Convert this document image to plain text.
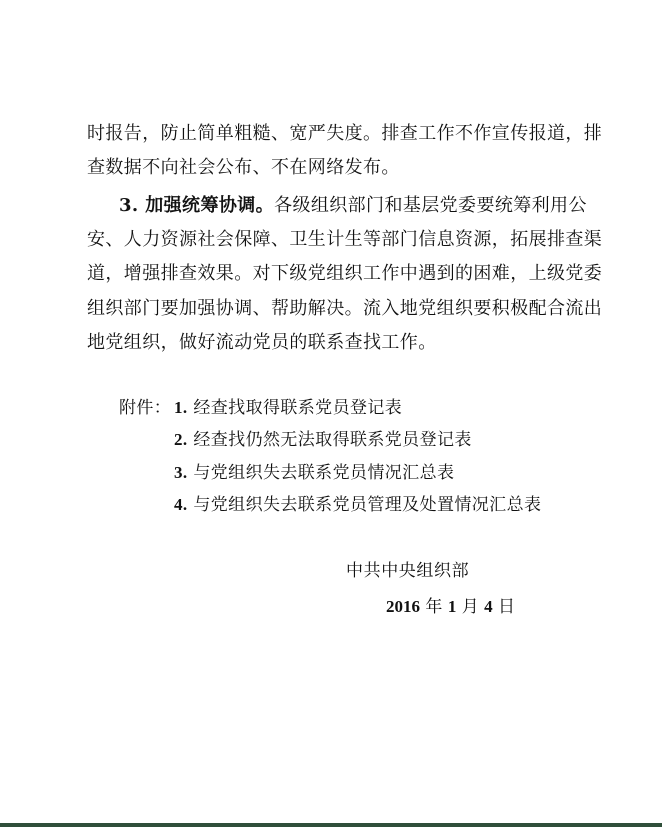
时报告，防止简单粗糙、宽严失度。排查工作不作宣传报道，排
查数据不向社会公布、不在网络发布。
3. 加强统筹协调。各级组织部门和基层党委要统筹利用公
安、人力资源社会保障、卫生计生等部门信息资源，拓展排查渠
道，增强排查效果。对下级党组织工作中遇到的困难，上级党委
组织部门要加强协调、帮助解决。流入地党组织要积极配合流出
地党组织，做好流动党员的联系查找工作。
附件： 1. 经查找取得联系党员登记表
2. 经查找仍然无法取得联系党员登记表
3. 与党组织失去联系党员情况汇总表
4. 与党组织失去联系党员管理及处置情况汇总表
中共中央组织部
2016 年 1 月 4 日
